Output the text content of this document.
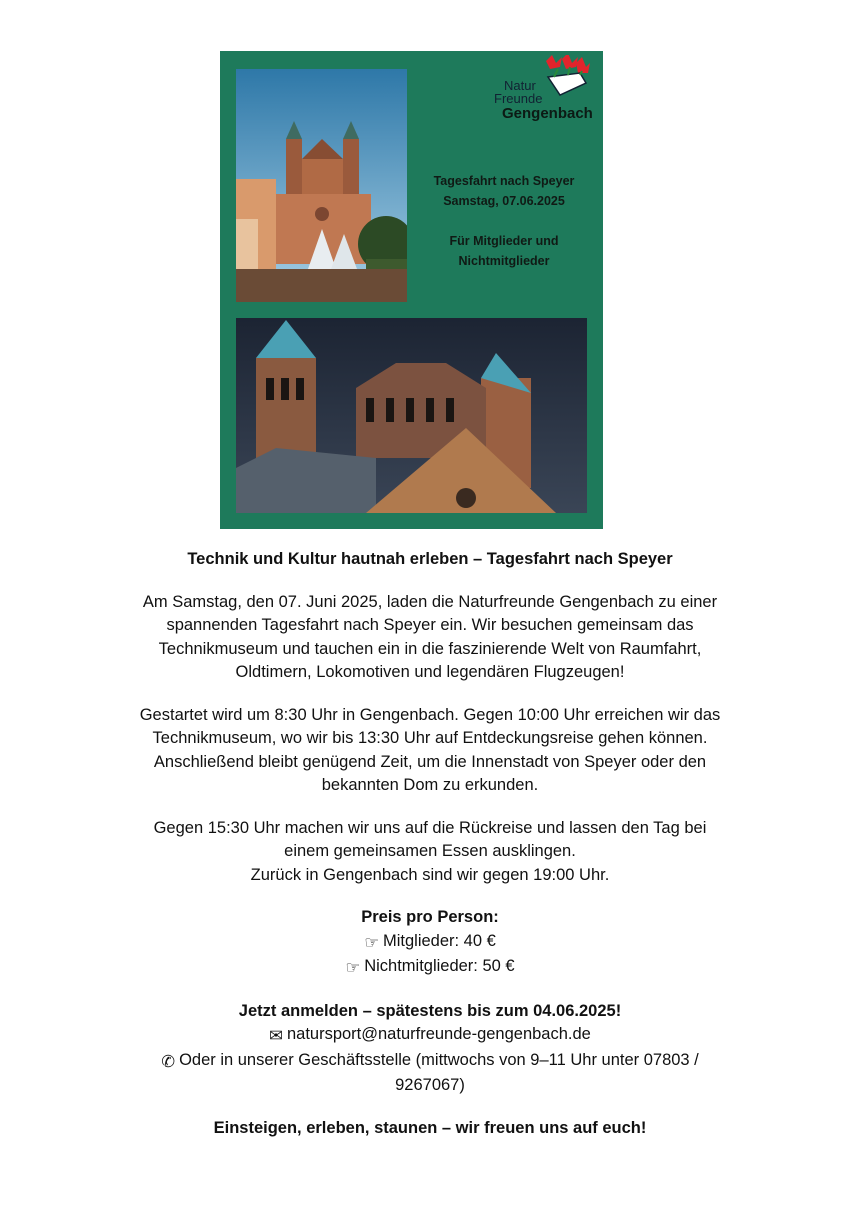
Natur
Freunde
Gengenbach
Tagesfahrt nach Speyer
Samstag, 07.06.2025
Für Mitglieder und
Nichtmitglieder

Technik und Kultur hautnah erleben – Tagesfahrt nach Speyer

Am Samstag, den 07. Juni 2025, laden die Naturfreunde Gengenbach zu einer
spannenden Tagesfahrt nach Speyer ein. Wir besuchen gemeinsam das
Technikmuseum und tauchen ein in die faszinierende Welt von Raumfahrt,
Oldtimern, Lokomotiven und legendären Flugzeugen!

Gestartet wird um 8:30 Uhr in Gengenbach. Gegen 10:00 Uhr erreichen wir das
Technikmuseum, wo wir bis 13:30 Uhr auf Entdeckungsreise gehen können.
Anschließend bleibt genügend Zeit, um die Innenstadt von Speyer oder den
bekannten Dom zu erkunden.

Gegen 15:30 Uhr machen wir uns auf die Rückreise und lassen den Tag bei
einem gemeinsamen Essen ausklingen.
Zurück in Gengenbach sind wir gegen 19:00 Uhr.

Preis pro Person:
☞ Mitglieder: 40 €
☞ Nichtmitglieder: 50 €

Jetzt anmelden – spätestens bis zum 04.06.2025!
✉ natursport@naturfreunde-gengenbach.de
✆ Oder in unserer Geschäftsstelle (mittwochs von 9–11 Uhr unter 07803 /
9267067)

Einsteigen, erleben, staunen – wir freuen uns auf euch!
